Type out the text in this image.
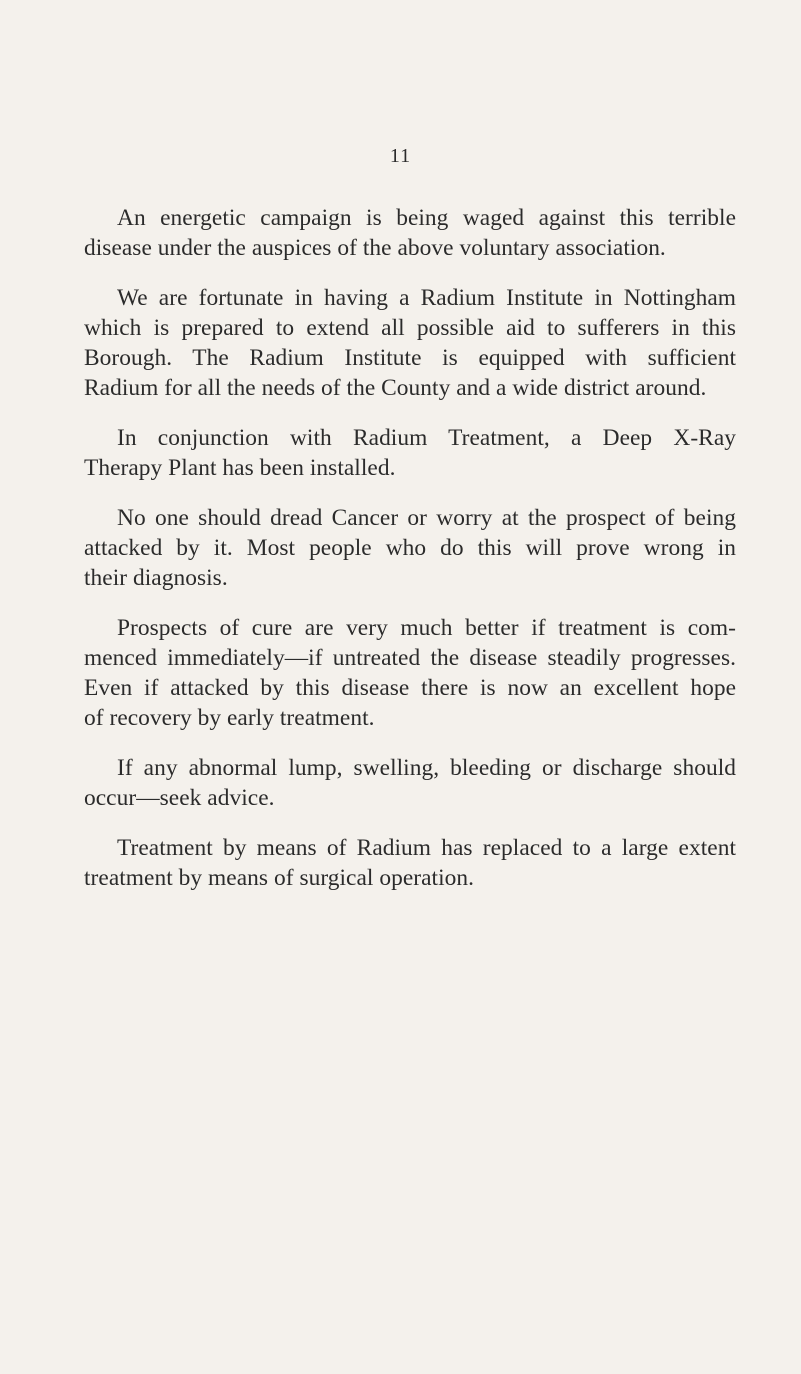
11

An energetic campaign is being waged against this terrible
disease under the auspices of the above voluntary association.

We are fortunate in having a Radium Institute in Nottingham
which is prepared to extend all possible aid to sufferers in this
Borough. The Radium Institute is equipped with sufficient
Radium for all the needs of the County and a wide district around.

In conjunction with Radium Treatment, a Deep X-Ray
Therapy Plant has been installed.

No one should dread Cancer or worry at the prospect of being
attacked by it. Most people who do this will prove wrong in
their diagnosis.

Prospects of cure are very much better if treatment is com-
menced immediately—if untreated the disease steadily progresses.
Even if attacked by this disease there is now an excellent hope
of recovery by early treatment.

If any abnormal lump, swelling, bleeding or discharge should
occur—seek advice.

Treatment by means of Radium has replaced to a large extent
treatment by means of surgical operation.
